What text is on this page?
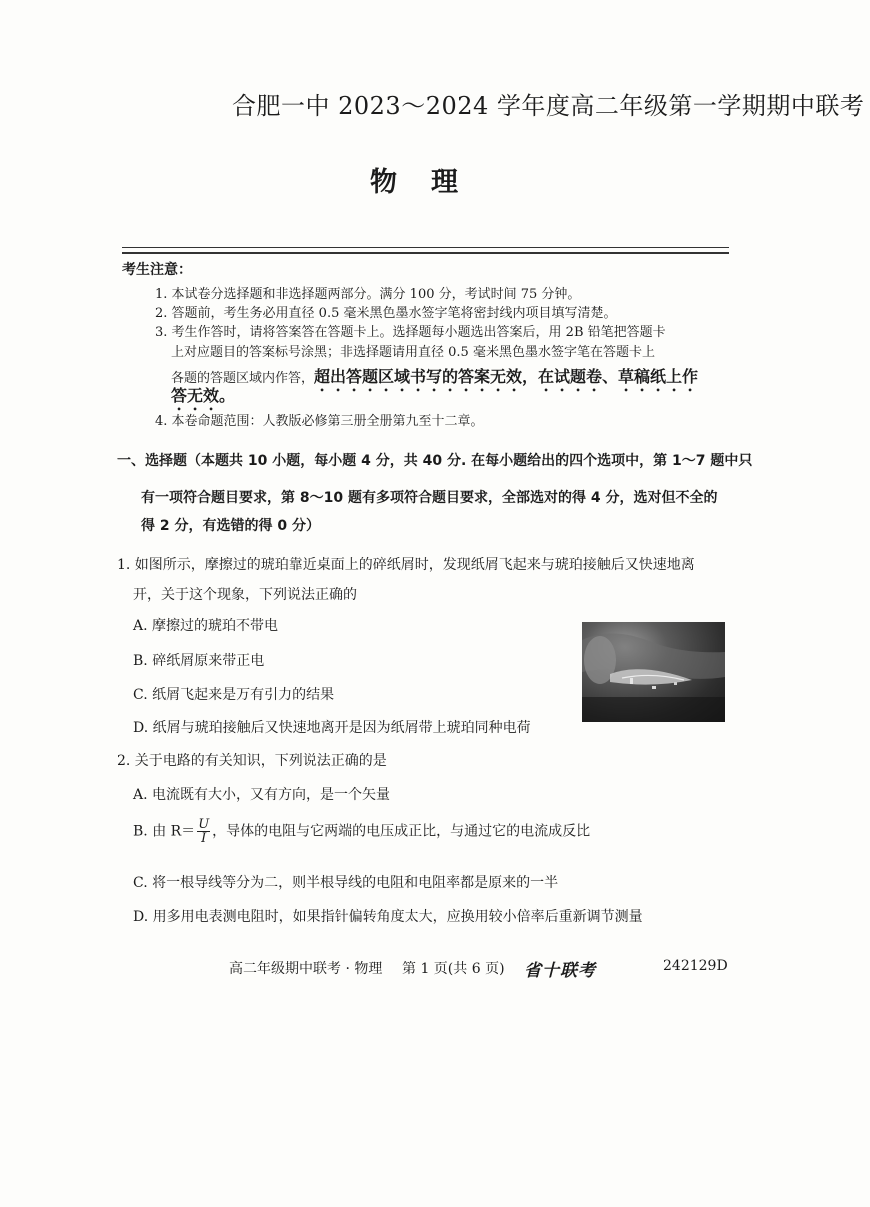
合肥一中 2023～2024 学年度高二年级第一学期期中联考
物理
考生注意：
1. 本试卷分选择题和非选择题两部分。满分 100 分，考试时间 75 分钟。
2. 答题前，考生务必用直径 0.5 毫米黑色墨水签字笔将密封线内项目填写清楚。
3. 考生作答时，请将答案答在答题卡上。选择题每小题选出答案后，用 2B 铅笔把答题卡
上对应题目的答案标号涂黑；非选择题请用直径 0.5 毫米黑色墨水签字笔在答题卡上
各题的答题区域内作答，超出答题区域书写的答案无效，在试题卷、草稿纸上作
答无效。
4. 本卷命题范围：人教版必修第三册全册第九至十二章。
一、选择题（本题共 10 小题，每小题 4 分，共 40 分. 在每小题给出的四个选项中，第 1～7 题中只
有一项符合题目要求，第 8～10 题有多项符合题目要求，全部选对的得 4 分，选对但不全的
得 2 分，有选错的得 0 分）
1. 如图所示，摩擦过的琥珀靠近桌面上的碎纸屑时，发现纸屑飞起来与琥珀接触后又快速地离
开，关于这个现象，下列说法正确的
A. 摩擦过的琥珀不带电
B. 碎纸屑原来带正电
C. 纸屑飞起来是万有引力的结果
D. 纸屑与琥珀接触后又快速地离开是因为纸屑带上琥珀同种电荷
2. 关于电路的有关知识，下列说法正确的是
A. 电流既有大小，又有方向，是一个矢量
B. 由 $R= \frac{U}{I}$ ，导体的电阻与它两端的电压成正比，与通过它的电流成反比
C. 将一根导线等分为二，则半根导线的电阻和电阻率都是原来的一半
D. 用多用电表测电阻时，如果指针偏转角度太大，应换用较小倍率后重新调节测量
高二年级期中联考 · 物理 第 1 页(共 6 页) 省十联考	242129D
